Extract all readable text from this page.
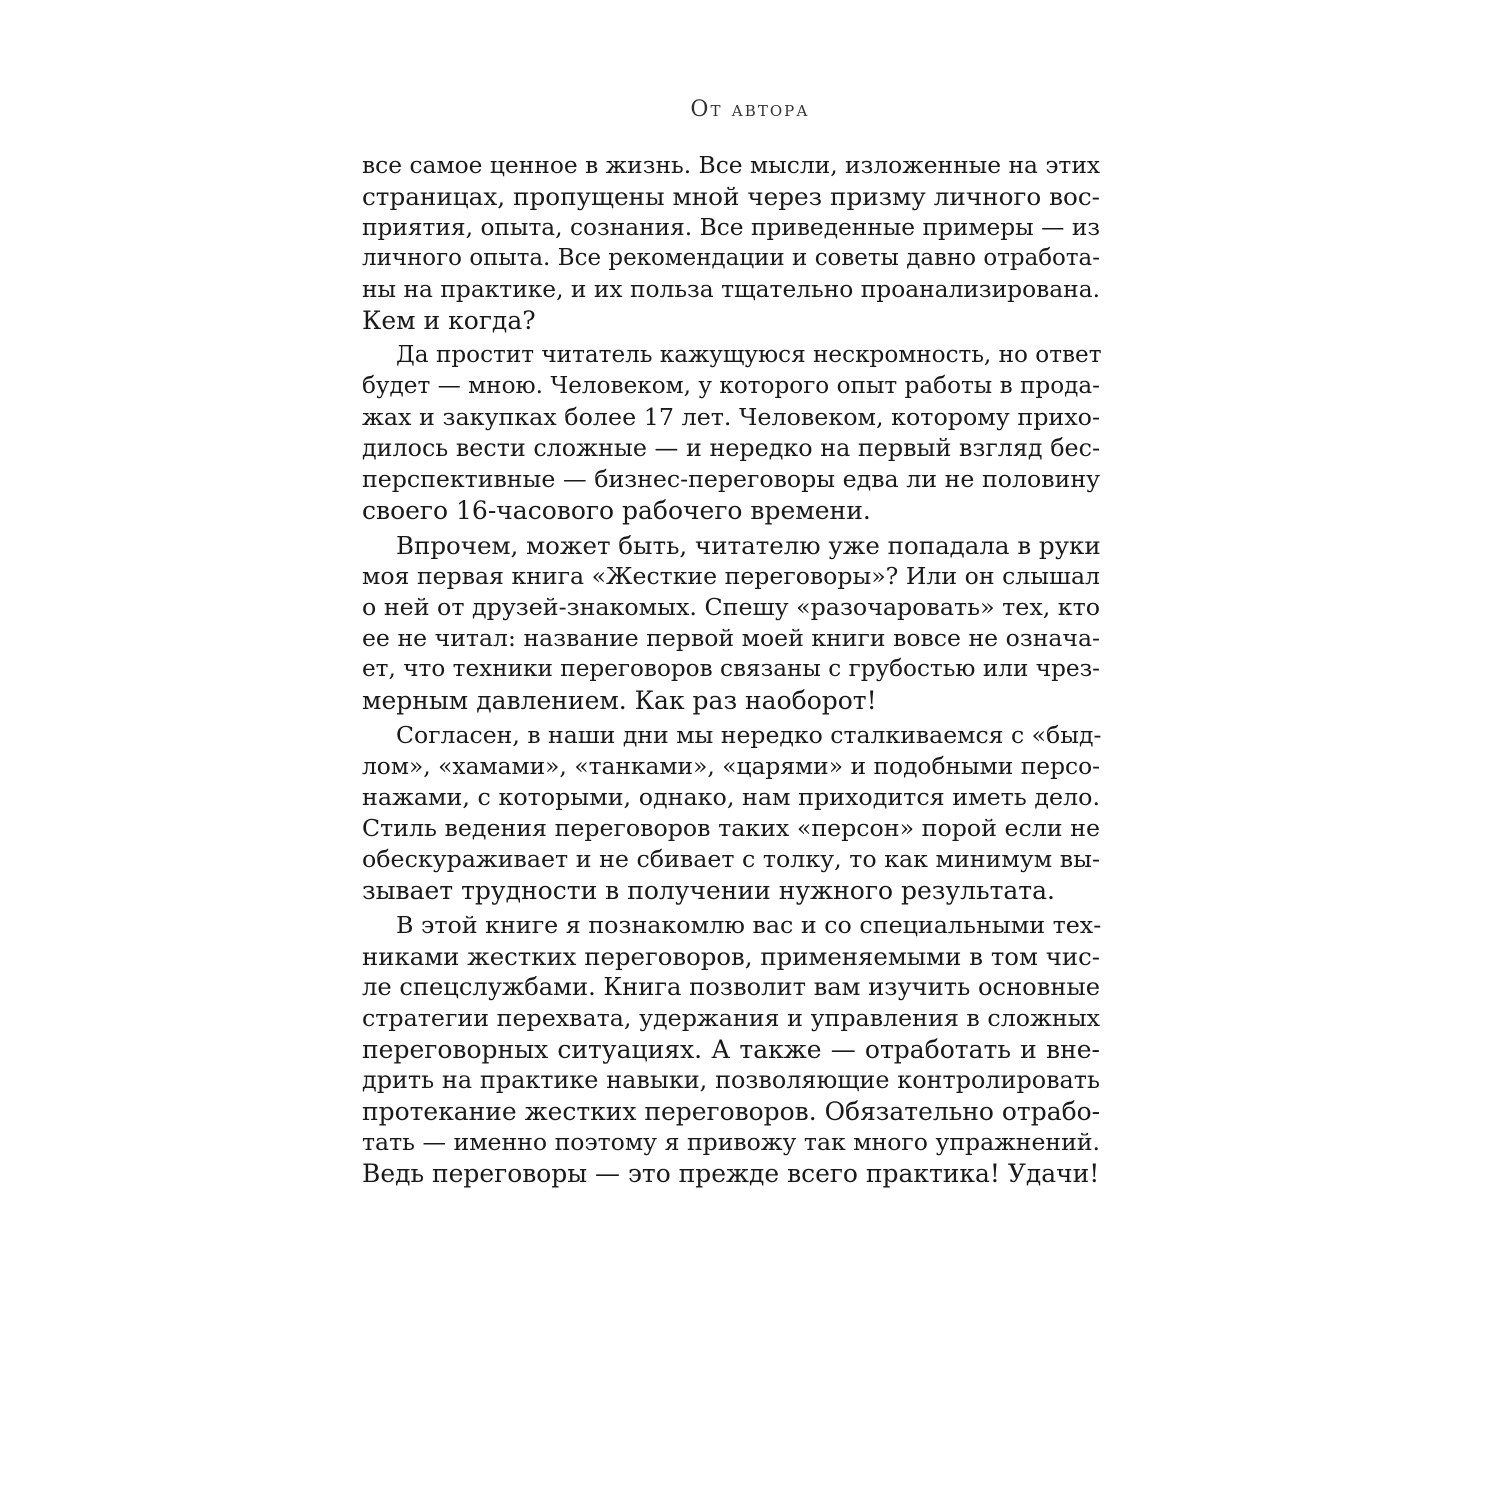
От автора
все самое ценное в жизнь. Все мысли, изложенные на этих
страницах, пропущены мной через призму личного вос-
приятия, опыта, сознания. Все приведенные примеры — из
личного опыта. Все рекомендации и советы давно отработа-
ны на практике, и их польза тщательно проанализирована.
Кем и когда?
Да простит читатель кажущуюся нескромность, но ответ
будет — мною. Человеком, у которого опыт работы в прода-
жах и закупках более 17 лет. Человеком, которому прихо-
дилось вести сложные — и нередко на первый взгляд бес-
перспективные — бизнес-переговоры едва ли не половину
своего 16-часового рабочего времени.
Впрочем, может быть, читателю уже попадала в руки
моя первая книга «Жесткие переговоры»? Или он слышал
о ней от друзей-знакомых. Спешу «разочаровать» тех, кто
ее не читал: название первой моей книги вовсе не означа-
ет, что техники переговоров связаны с грубостью или чрез-
мерным давлением. Как раз наоборот!
Согласен, в наши дни мы нередко сталкиваемся с «быд-
лом», «хамами», «танками», «царями» и подобными персо-
нажами, с которыми, однако, нам приходится иметь дело.
Стиль ведения переговоров таких «персон» порой если не
обескураживает и не сбивает с толку, то как минимум вы-
зывает трудности в получении нужного результата.
В этой книге я познакомлю вас и со специальными тех-
никами жестких переговоров, применяемыми в том чис-
ле спецслужбами. Книга позволит вам изучить основные
стратегии перехвата, удержания и управления в сложных
переговорных ситуациях. А также — отработать и вне-
дрить на практике навыки, позволяющие контролировать
протекание жестких переговоров. Обязательно отрабо-
тать — именно поэтому я привожу так много упражнений.
Ведь переговоры — это прежде всего практика! Удачи!
